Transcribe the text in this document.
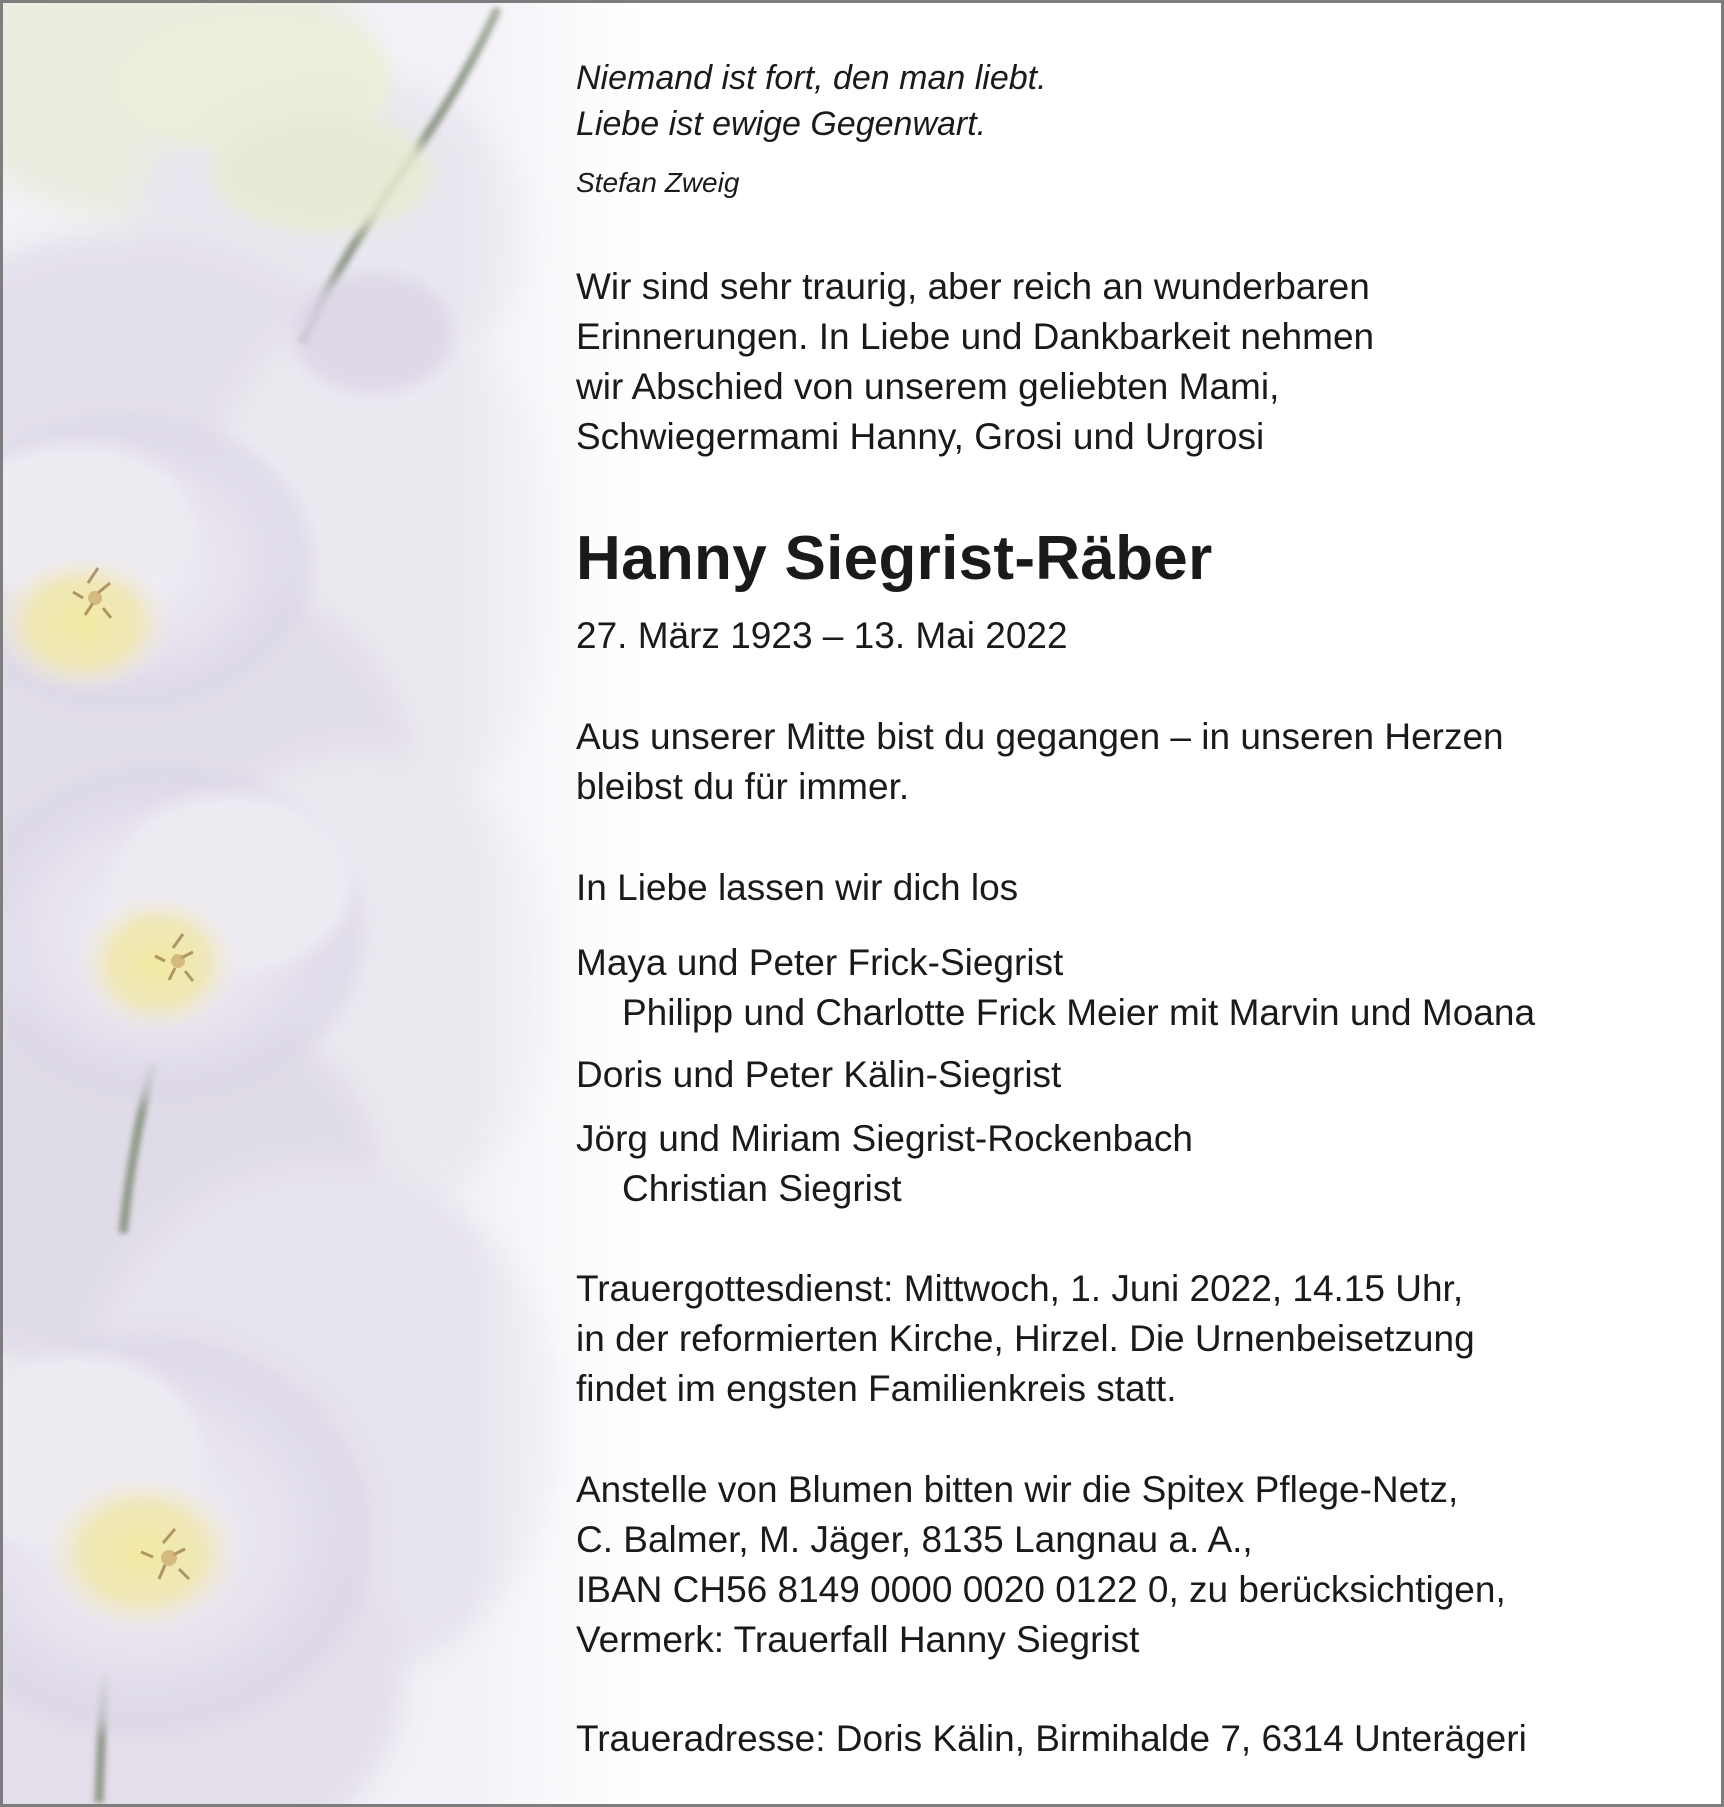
Niemand ist fort, den man liebt.
Liebe ist ewige Gegenwart.
Stefan Zweig
Wir sind sehr traurig, aber reich an wunderbaren
Erinnerungen. In Liebe und Dankbarkeit nehmen
wir Abschied von unserem geliebten Mami,
Schwiegermami Hanny, Grosi und Urgrosi
Hanny Siegrist-Räber
27. März 1923 – 13. Mai 2022
Aus unserer Mitte bist du gegangen – in unseren Herzen
bleibst du für immer.
In Liebe lassen wir dich los
Maya und Peter Frick-Siegrist
Philipp und Charlotte Frick Meier mit Marvin und Moana
Doris und Peter Kälin-Siegrist
Jörg und Miriam Siegrist-Rockenbach
Christian Siegrist
Trauergottesdienst: Mittwoch, 1. Juni 2022, 14.15 Uhr,
in der reformierten Kirche, Hirzel. Die Urnenbeisetzung
findet im engsten Familienkreis statt.
Anstelle von Blumen bitten wir die Spitex Pflege-Netz,
C. Balmer, M. Jäger, 8135 Langnau a. A.,
IBAN CH56 8149 0000 0020 0122 0, zu berücksichtigen,
Vermerk: Trauerfall Hanny Siegrist
Traueradresse: Doris Kälin, Birmihalde 7, 6314 Unterägeri
